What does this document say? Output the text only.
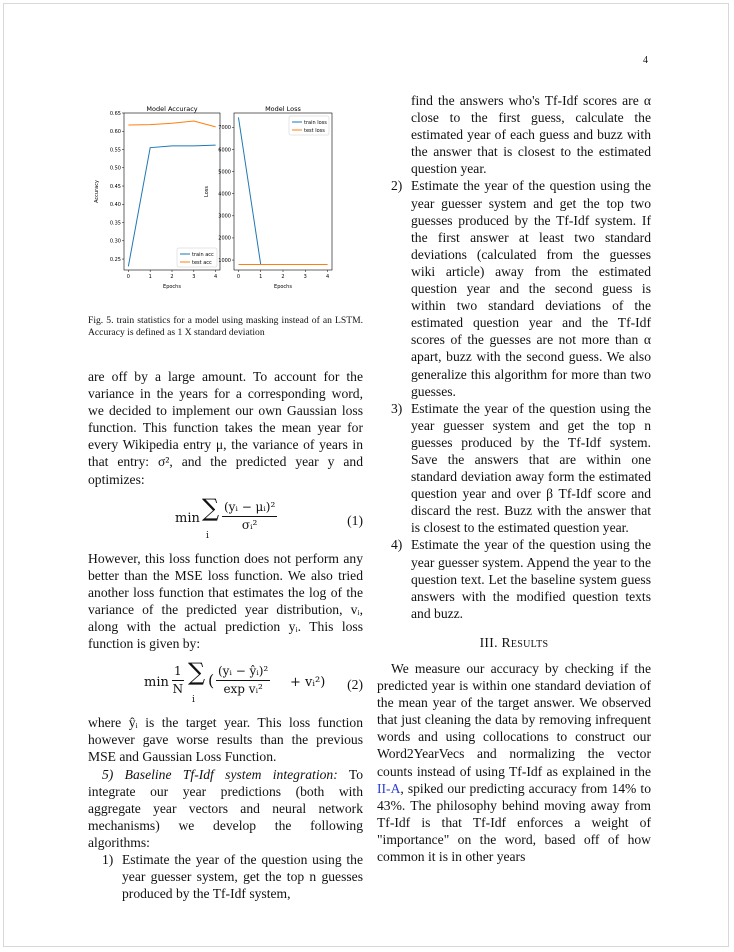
4
Model Accuracy
Epochs
Accuracy
0	1	2	3	4
0.65
0.60
0.55
0.50
0.45
0.40
0.35
0.30
0.25
train acc
test acc
Model Loss
Epochs
Loss
0	1	2	3	4
7000
6000
5000
4000
3000
2000
1000
train loss
test loss
Fig. 5. train statistics for a model using masking instead of an LSTM. Accuracy is defined as 1 X standard deviation

are off by a large amount. To account for the variance in the years for a corresponding word, we decided to implement our own Gaussian loss function. This function takes the mean year for every Wikipedia entry μ, the variance of years in that entry: σ², and the predicted year y and optimizes:

min ∑
i
$\frac{\text{(yᵢ − μᵢ)²}}{\text{σᵢ²}}$	(1)

However, this loss function does not perform any better than the MSE loss function. We also tried another loss function that estimates the log of the variance of the predicted year distribution, vᵢ, along with the actual prediction yᵢ. This loss function is given by:

$\min \frac{1}{N}$ ∑
i
( $\frac{\text{(yᵢ − ŷᵢ)²}}{\text{exp vᵢ²}}$ + vᵢ²) (2)

where ŷᵢ is the target year. This loss function however gave worse results than the previous MSE and Gaussian Loss Function.

5) Baseline Tf-Idf system integration: To integrate our year predictions (both with aggregate year vectors and neural network mechanisms) we develop the following algorithms:

1) Estimate the year of the question using the year guesser system, get the top n guesses produced by the Tf-Idf system,
find the answers who's Tf-Idf scores are α close to the first guess, calculate the estimated year of each guess and buzz with the answer that is closest to the estimated question year.
2) Estimate the year of the question using the year guesser system and get the top two guesses produced by the Tf-Idf system. If the first answer at least two standard deviations (calculated from the guesses wiki article) away from the estimated question year and the second guess is within two standard deviations of the estimated question year and the Tf-Idf scores of the guesses are not more than α apart, buzz with the second guess. We also generalize this algorithm for more than two guesses.
3) Estimate the year of the question using the year guesser system and get the top n guesses produced by the Tf-Idf system. Save the answers that are within one standard deviation away form the estimated question year and over β Tf-Idf score and discard the rest. Buzz with the answer that is closest to the estimated question year.
4) Estimate the year of the question using the year guesser system. Append the year to the question text. Let the baseline system guess answers with the modified question texts and buzz.
III. Results

We measure our accuracy by checking if the predicted year is within one standard deviation of the mean year of the target answer. We observed that just cleaning the data by removing infrequent words and using collocations to construct our Word2YearVecs and normalizing the vector counts instead of using Tf-Idf as explained in the II-A, spiked our predicting accuracy from 14% to 43%. The philosophy behind moving away from Tf-Idf is that Tf-Idf enforces a weight of "importance" on the word, based off of how common it is in other years
